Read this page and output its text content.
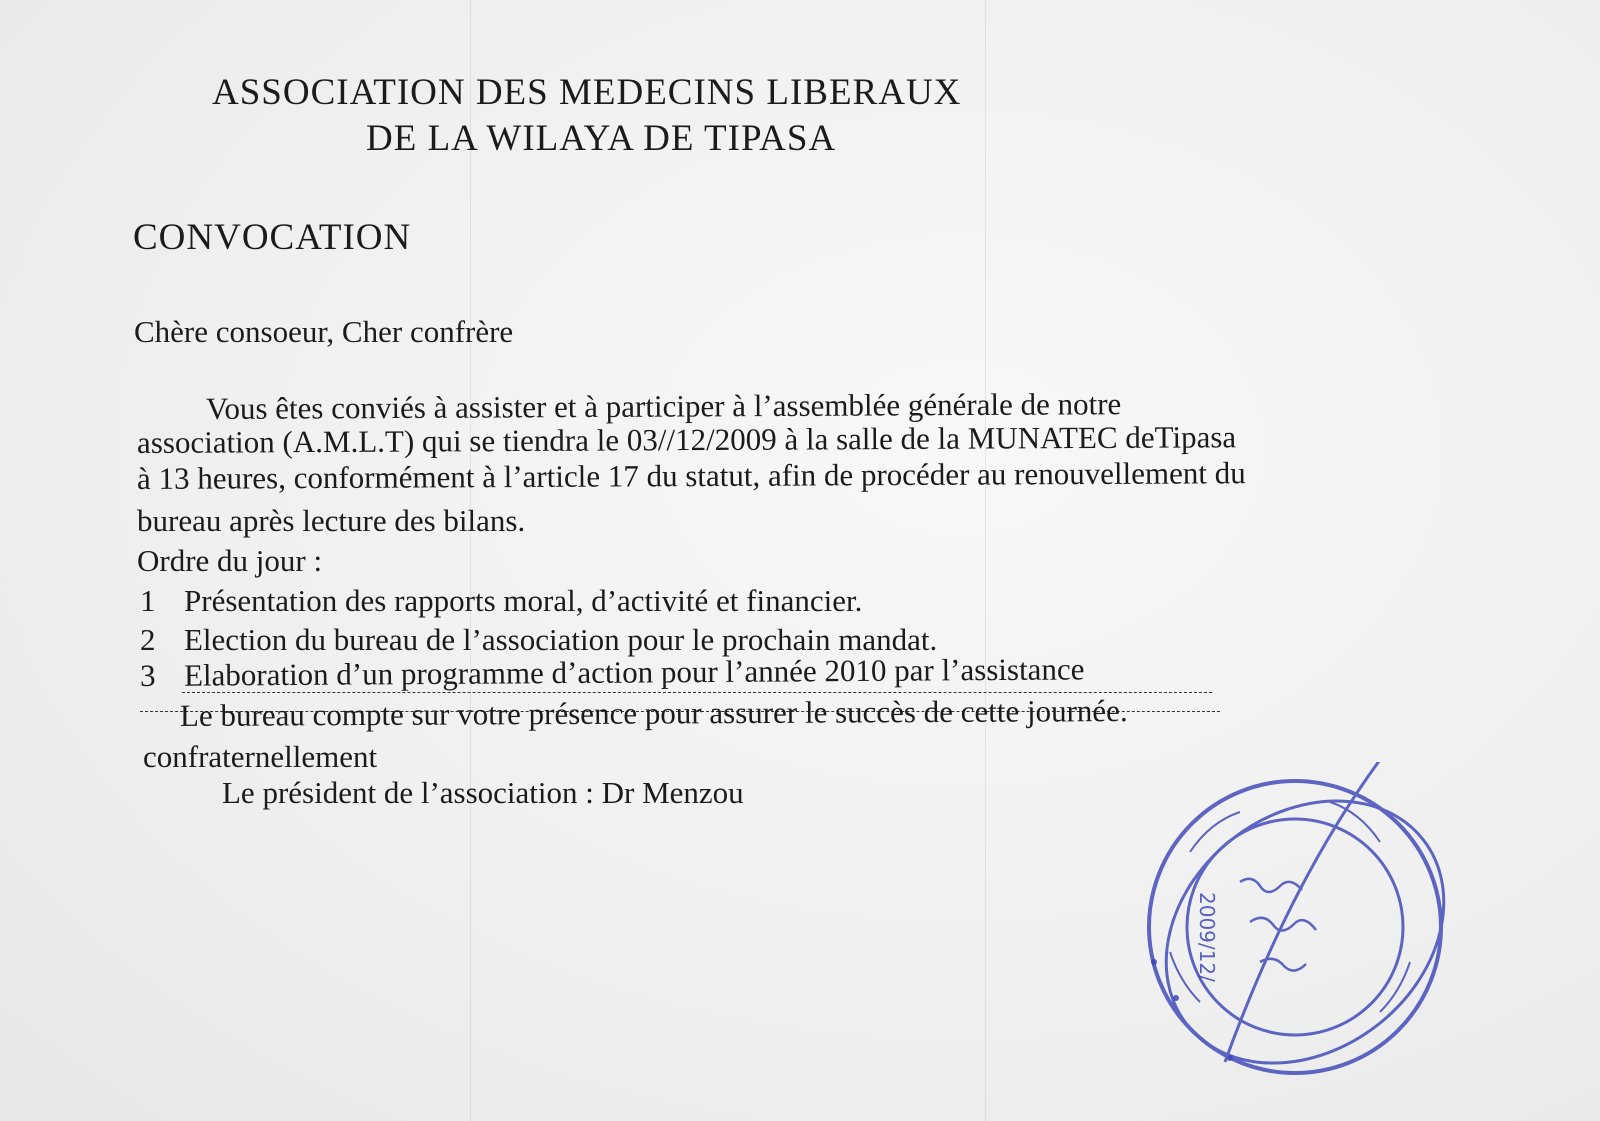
ASSOCIATION DES MEDECINS LIBERAUX

DE LA WILAYA DE TIPASA

CONVOCATION

Chère consoeur, Cher confrère

Vous êtes conviés à assister et à participer à l’assemblée générale de notre

association (A.M.L.T) qui se tiendra le 03//12/2009 à la salle de la MUNATEC deTipasa

à 13 heures, conformément à l’article 17 du statut, afin de procéder au renouvellement du

bureau après lecture des bilans.

Ordre du jour :

1 Présentation des rapports moral, d’activité et financier.

2 Election du bureau de l’association pour le prochain mandat.

3 Elaboration d’un programme d’action pour l’année 2010 par l’assistance

Le bureau compte sur votre présence pour assurer le succès de cette journée.

confraternellement

Le président de l’association : Dr Menzou

2009/12/
